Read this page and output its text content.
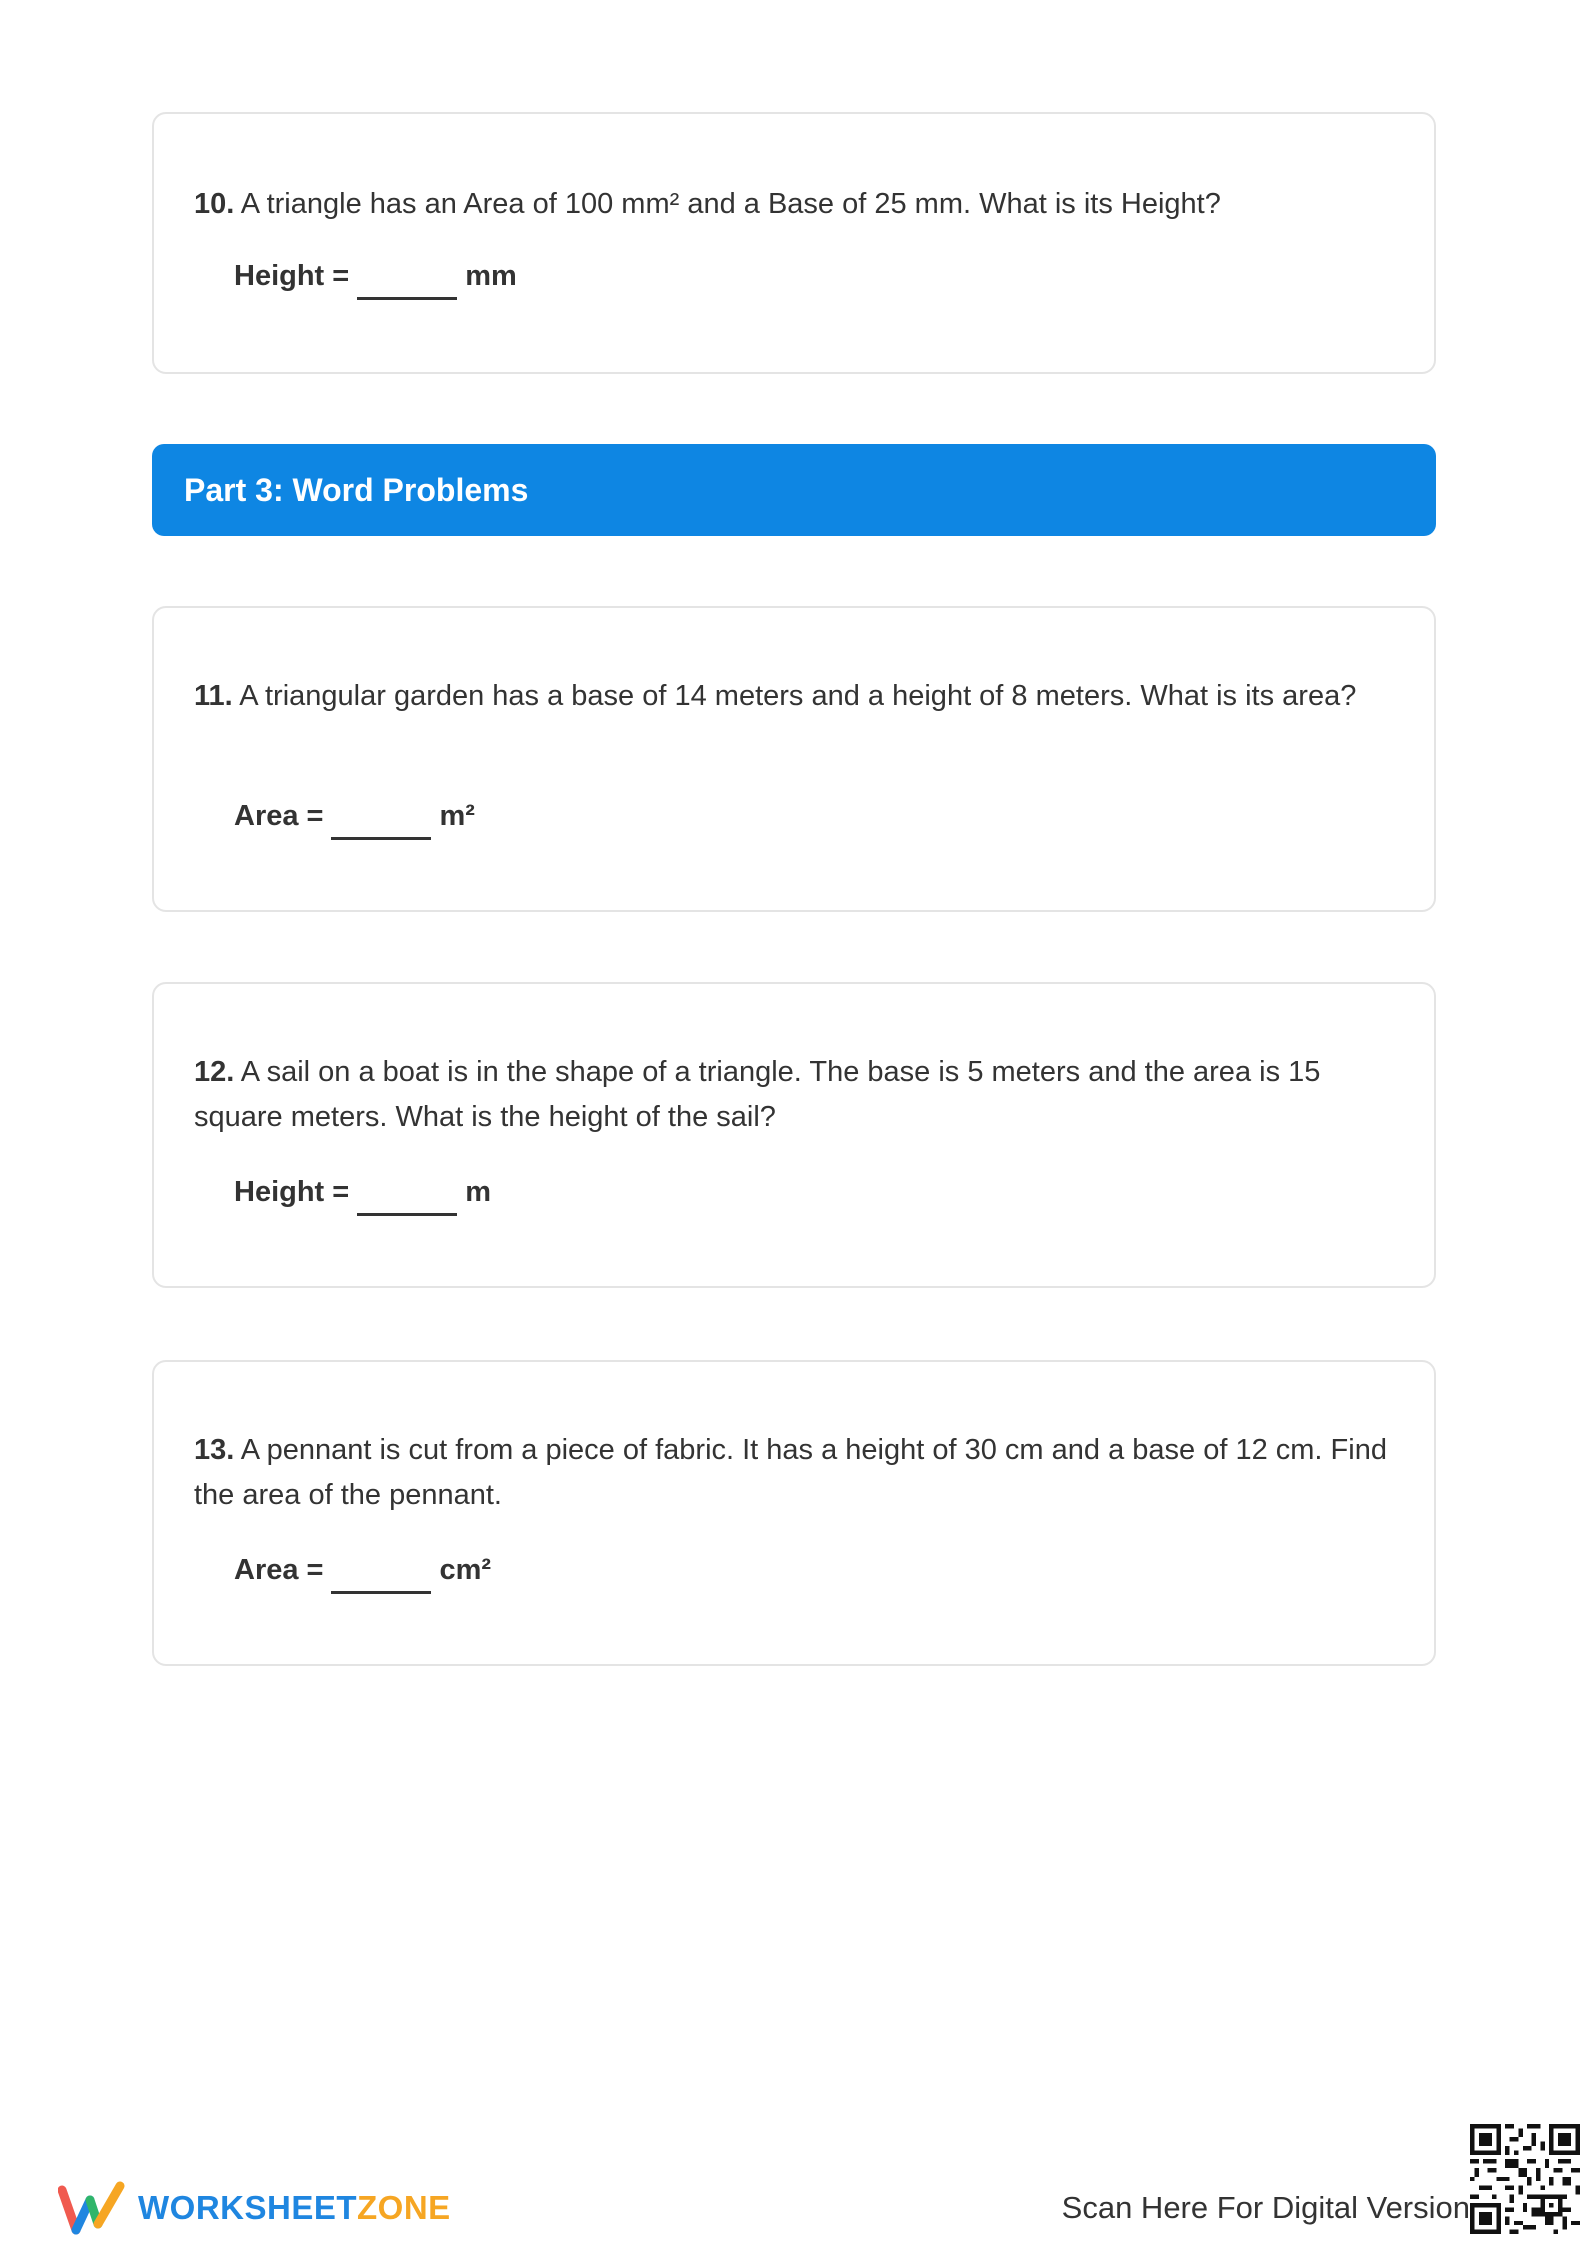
10. A triangle has an Area of 100 mm² and a Base of 25 mm. What is its Height?
Height =	mm
Part 3: Word Problems
11. A triangular garden has a base of 14 meters and a height of 8 meters. What is its area?
Area =	m²
12. A sail on a boat is in the shape of a triangle. The base is 5 meters and the area is 15 square meters. What is the height of the sail?
Height =	m
13. A pennant is cut from a piece of fabric. It has a height of 30 cm and a base of 12 cm. Find the area of the pennant.
Area =	cm²
WORKSHEETZONE	Scan Here For Digital Version
